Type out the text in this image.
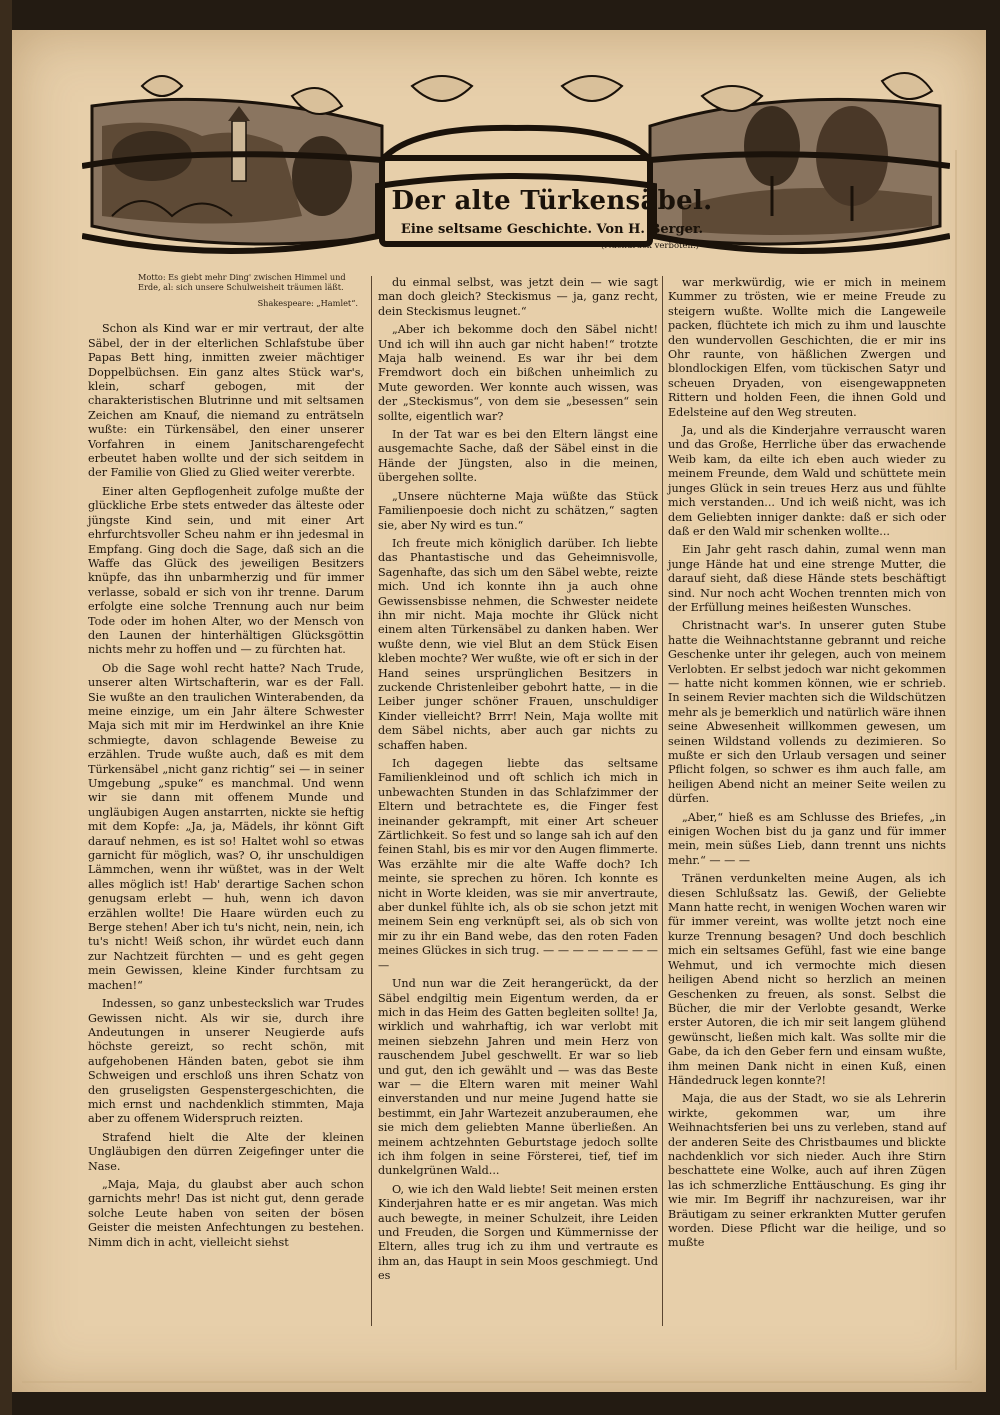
Der alte Türkensäbel.
Eine seltsame Geschichte. Von H. Berger.
(Nachdruck verboten.)

Motto: Es giebt mehr Ding' zwischen Himmel und Erde, al: sich unsere Schulweisheit träumen läßt.

Shakespeare: „Hamlet“.

Schon als Kind war er mir vertraut, der alte Säbel, der in der elterlichen Schlafstube über Papas Bett hing, inmitten zweier mächtiger Doppelbüchsen. Ein ganz altes Stück war's, klein, scharf gebogen, mit der charakteristischen Blutrinne und mit seltsamen Zeichen am Knauf, die niemand zu enträtseln wußte: ein Türkensäbel, den einer unserer Vorfahren in einem Janitscharengefecht erbeutet haben wollte und der sich seitdem in der Familie von Glied zu Glied weiter vererbte.

Einer alten Gepflogenheit zufolge mußte der glückliche Erbe stets entweder das älteste oder jüngste Kind sein, und mit einer Art ehrfurchtsvoller Scheu nahm er ihn jedesmal in Empfang. Ging doch die Sage, daß sich an die Waffe das Glück des jeweiligen Besitzers knüpfe, das ihn unbarmherzig und für immer verlasse, sobald er sich von ihr trenne. Darum erfolgte eine solche Trennung auch nur beim Tode oder im hohen Alter, wo der Mensch von den Launen der hinterhältigen Glücksgöttin nichts mehr zu hoffen und — zu fürchten hat.

Ob die Sage wohl recht hatte? Nach Trude, unserer alten Wirtschafterin, war es der Fall. Sie wußte an den traulichen Winterabenden, da meine einzige, um ein Jahr ältere Schwester Maja sich mit mir im Herdwinkel an ihre Knie schmiegte, davon schlagende Beweise zu erzählen. Trude wußte auch, daß es mit dem Türkensäbel „nicht ganz richtig“ sei — in seiner Umgebung „spuke“ es manchmal. Und wenn wir sie dann mit offenem Munde und ungläubigen Augen anstarrten, nickte sie heftig mit dem Kopfe: „Ja, ja, Mädels, ihr könnt Gift darauf nehmen, es ist so! Haltet wohl so etwas garnicht für möglich, was? O, ihr unschuldigen Lämmchen, wenn ihr wüßtet, was in der Welt alles möglich ist! Hab' derartige Sachen schon genugsam erlebt — huh, wenn ich davon erzählen wollte! Die Haare würden euch zu Berge stehen! Aber ich tu's nicht, nein, nein, ich tu's nicht! Weiß schon, ihr würdet euch dann zur Nachtzeit fürchten — und es geht gegen mein Gewissen, kleine Kinder furchtsam zu machen!“

Indessen, so ganz unbesteckslich war Trudes Gewissen nicht. Als wir sie, durch ihre Andeutungen in unserer Neugierde aufs höchste gereizt, so recht schön, mit aufgehobenen Händen baten, gebot sie ihm Schweigen und erschloß uns ihren Schatz von den gruseligsten Gespenstergeschichten, die mich ernst und nachdenklich stimmten, Maja aber zu offenem Widerspruch reizten.

Strafend hielt die Alte der kleinen Ungläubigen den dürren Zeigefinger unter die Nase.

„Maja, Maja, du glaubst aber auch schon garnichts mehr! Das ist nicht gut, denn gerade solche Leute haben von seiten der bösen Geister die meisten Anfechtungen zu bestehen. Nimm dich in acht, vielleicht siehst

du einmal selbst, was jetzt dein — wie sagt man doch gleich? Steckismus — ja, ganz recht, dein Steckismus leugnet.“

„Aber ich bekomme doch den Säbel nicht! Und ich will ihn auch gar nicht haben!“ trotzte Maja halb weinend. Es war ihr bei dem Fremdwort doch ein bißchen unheimlich zu Mute geworden. Wer konnte auch wissen, was der „Steckismus“, von dem sie „besessen“ sein sollte, eigentlich war?

In der Tat war es bei den Eltern längst eine ausgemachte Sache, daß der Säbel einst in die Hände der Jüngsten, also in die meinen, übergehen sollte.

„Unsere nüchterne Maja wüßte das Stück Familienpoesie doch nicht zu schätzen,“ sagten sie, aber Ny wird es tun.“

Ich freute mich königlich darüber. Ich liebte das Phantastische und das Geheimnisvolle, Sagenhafte, das sich um den Säbel webte, reizte mich. Und ich konnte ihn ja auch ohne Gewissensbisse nehmen, die Schwester neidete ihn mir nicht. Maja mochte ihr Glück nicht einem alten Türkensäbel zu danken haben. Wer wußte denn, wie viel Blut an dem Stück Eisen kleben mochte? Wer wußte, wie oft er sich in der Hand seines ursprünglichen Besitzers in zuckende Christenleiber gebohrt hatte, — in die Leiber junger schöner Frauen, unschuldiger Kinder vielleicht? Brrr! Nein, Maja wollte mit dem Säbel nichts, aber auch gar nichts zu schaffen haben.

Ich dagegen liebte das seltsame Familienkleinod und oft schlich ich mich in unbewachten Stunden in das Schlafzimmer der Eltern und betrachtete es, die Finger fest ineinander gekrampft, mit einer Art scheuer Zärtlichkeit. So fest und so lange sah ich auf den feinen Stahl, bis es mir vor den Augen flimmerte. Was erzählte mir die alte Waffe doch? Ich meinte, sie sprechen zu hören. Ich konnte es nicht in Worte kleiden, was sie mir anvertraute, aber dunkel fühlte ich, als ob sie schon jetzt mit meinem Sein eng verknüpft sei, als ob sich von mir zu ihr ein Band webe, das den roten Faden meines Glückes in sich trug. — — — — — — — — —

Und nun war die Zeit herangerückt, da der Säbel endgiltig mein Eigentum werden, da er mich in das Heim des Gatten begleiten sollte! Ja, wirklich und wahrhaftig, ich war verlobt mit meinen siebzehn Jahren und mein Herz von rauschendem Jubel geschwellt. Er war so lieb und gut, den ich gewählt und — was das Beste war — die Eltern waren mit meiner Wahl einverstanden und nur meine Jugend hatte sie bestimmt, ein Jahr Wartezeit anzuberaumen, ehe sie mich dem geliebten Manne überließen. An meinem achtzehnten Geburtstage jedoch sollte ich ihm folgen in seine Försterei, tief, tief im dunkelgrünen Wald...

O, wie ich den Wald liebte! Seit meinen ersten Kinderjahren hatte er es mir angetan. Was mich auch bewegte, in meiner Schulzeit, ihre Leiden und Freuden, die Sorgen und Kümmernisse der Eltern, alles trug ich zu ihm und vertraute es ihm an, das Haupt in sein Moos geschmiegt. Und es

war merkwürdig, wie er mich in meinem Kummer zu trösten, wie er meine Freude zu steigern wußte. Wollte mich die Langeweile packen, flüchtete ich mich zu ihm und lauschte den wundervollen Geschichten, die er mir ins Ohr raunte, von häßlichen Zwergen und blondlockigen Elfen, vom tückischen Satyr und scheuen Dryaden, von eisengewappneten Rittern und holden Feen, die ihnen Gold und Edelsteine auf den Weg streuten.

Ja, und als die Kinderjahre verrauscht waren und das Große, Herrliche über das erwachende Weib kam, da eilte ich eben auch wieder zu meinem Freunde, dem Wald und schüttete mein junges Glück in sein treues Herz aus und fühlte mich verstanden... Und ich weiß nicht, was ich dem Geliebten inniger dankte: daß er sich oder daß er den Wald mir schenken wollte...

Ein Jahr geht rasch dahin, zumal wenn man junge Hände hat und eine strenge Mutter, die darauf sieht, daß diese Hände stets beschäftigt sind. Nur noch acht Wochen trennten mich von der Erfüllung meines heißesten Wunsches.

Christnacht war's. In unserer guten Stube hatte die Weihnachtstanne gebrannt und reiche Geschenke unter ihr gelegen, auch von meinem Verlobten. Er selbst jedoch war nicht gekommen — hatte nicht kommen können, wie er schrieb. In seinem Revier machten sich die Wildschützen mehr als je bemerklich und natürlich wäre ihnen seine Abwesenheit willkommen gewesen, um seinen Wildstand vollends zu dezimieren. So mußte er sich den Urlaub versagen und seiner Pflicht folgen, so schwer es ihm auch falle, am heiligen Abend nicht an meiner Seite weilen zu dürfen.

„Aber,“ hieß es am Schlusse des Briefes, „in einigen Wochen bist du ja ganz und für immer mein, mein süßes Lieb, dann trennt uns nichts mehr.“ — — —

Tränen verdunkelten meine Augen, als ich diesen Schlußsatz las. Gewiß, der Geliebte Mann hatte recht, in wenigen Wochen waren wir für immer vereint, was wollte jetzt noch eine kurze Trennung besagen? Und doch beschlich mich ein seltsames Gefühl, fast wie eine bange Wehmut, und ich vermochte mich diesen heiligen Abend nicht so herzlich an meinen Geschenken zu freuen, als sonst. Selbst die Bücher, die mir der Verlobte gesandt, Werke erster Autoren, die ich mir seit langem glühend gewünscht, ließen mich kalt. Was sollte mir die Gabe, da ich den Geber fern und einsam wußte, ihm meinen Dank nicht in einen Kuß, einen Händedruck legen konnte?!

Maja, die aus der Stadt, wo sie als Lehrerin wirkte, gekommen war, um ihre Weihnachtsferien bei uns zu verleben, stand auf der anderen Seite des Christbaumes und blickte nachdenklich vor sich nieder. Auch ihre Stirn beschattete eine Wolke, auch auf ihren Zügen las ich schmerzliche Enttäuschung. Es ging ihr wie mir. Im Begriff ihr nachzureisen, war ihr Bräutigam zu seiner erkrankten Mutter gerufen worden. Diese Pflicht war die heilige, und so mußte
